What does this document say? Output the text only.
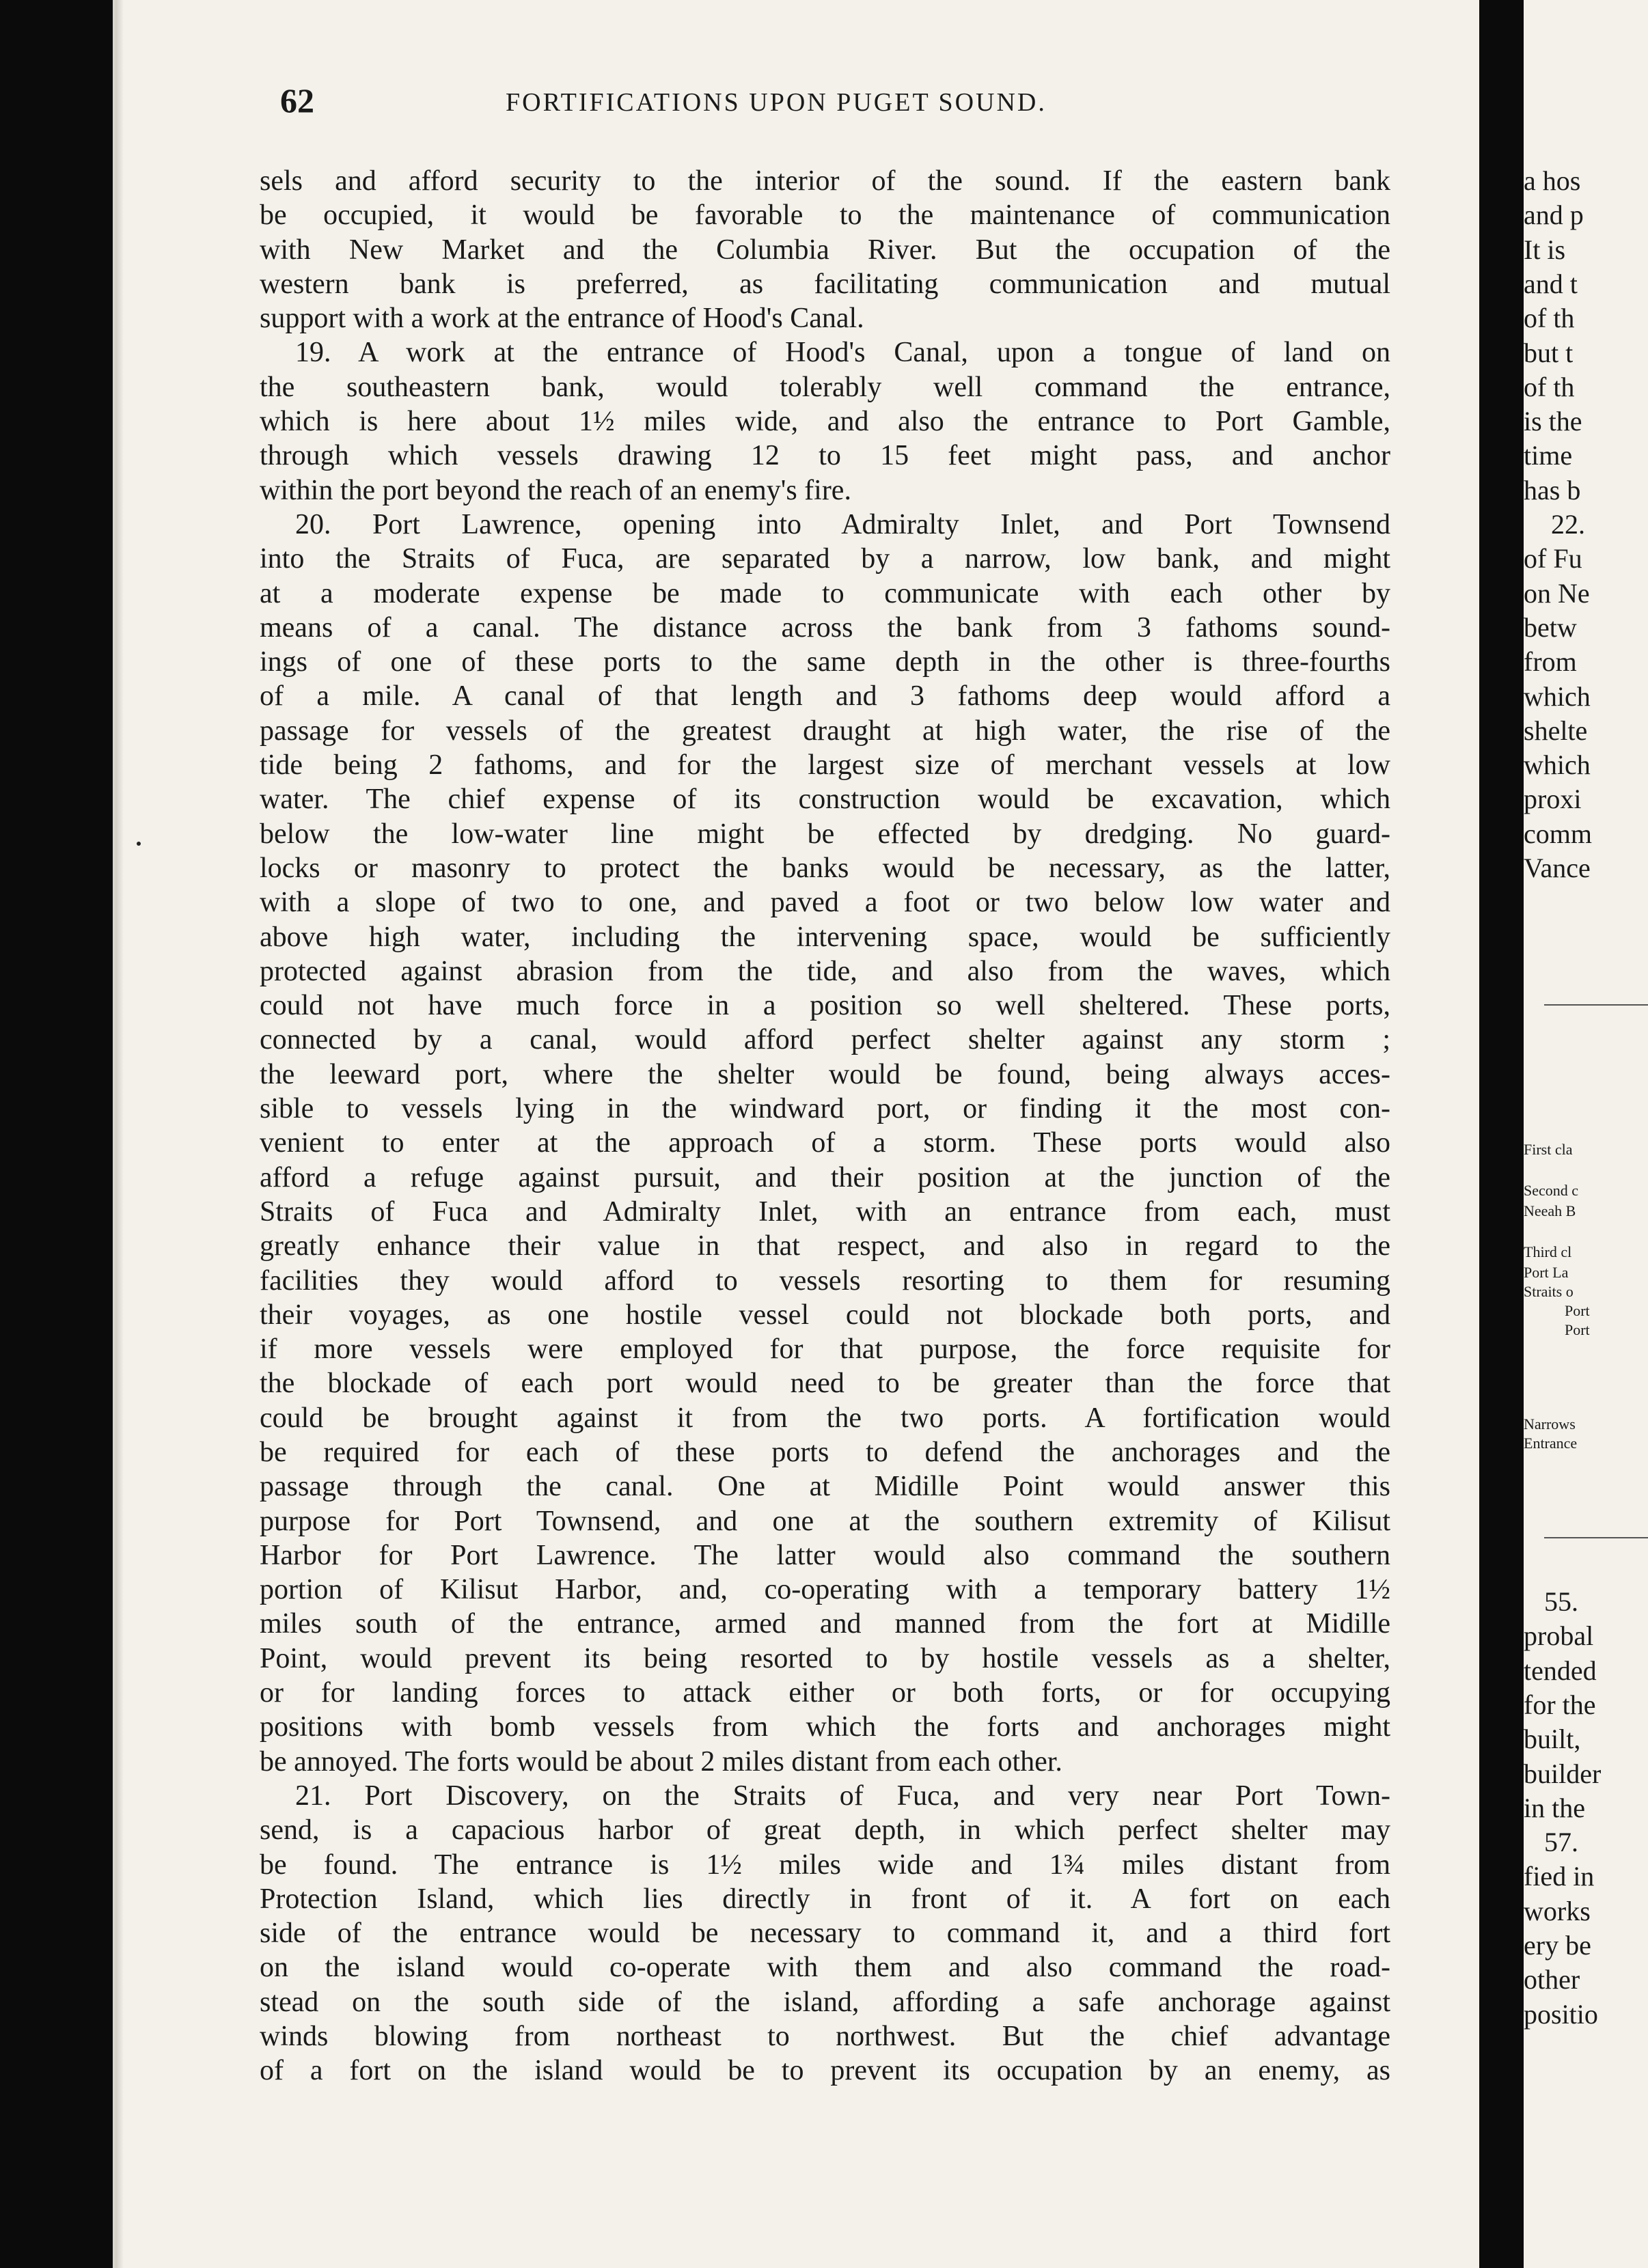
62	FORTIFICATIONS UPON PUGET SOUND.
sels and afford security to the interior of the sound. If the eastern bank
be occupied, it would be favorable to the maintenance of communication
with New Market and the Columbia River. But the occupation of the
western bank is preferred, as facilitating communication and mutual
support with a work at the entrance of Hood's Canal.
19. A work at the entrance of Hood's Canal, upon a tongue of land on
the southeastern bank, would tolerably well command the entrance,
which is here about 1½ miles wide, and also the entrance to Port Gamble,
through which vessels drawing 12 to 15 feet might pass, and anchor
within the port beyond the reach of an enemy's fire.
20. Port Lawrence, opening into Admiralty Inlet, and Port Townsend
into the Straits of Fuca, are separated by a narrow, low bank, and might
at a moderate expense be made to communicate with each other by
means of a canal. The distance across the bank from 3 fathoms sound-
ings of one of these ports to the same depth in the other is three-fourths
of a mile. A canal of that length and 3 fathoms deep would afford a
passage for vessels of the greatest draught at high water, the rise of the
tide being 2 fathoms, and for the largest size of merchant vessels at low
water. The chief expense of its construction would be excavation, which
below the low-water line might be effected by dredging. No guard-
locks or masonry to protect the banks would be necessary, as the latter,
with a slope of two to one, and paved a foot or two below low water and
above high water, including the intervening space, would be sufficiently
protected against abrasion from the tide, and also from the waves, which
could not have much force in a position so well sheltered. These ports,
connected by a canal, would afford perfect shelter against any storm ;
the leeward port, where the shelter would be found, being always acces-
sible to vessels lying in the windward port, or finding it the most con-
venient to enter at the approach of a storm. These ports would also
afford a refuge against pursuit, and their position at the junction of the
Straits of Fuca and Admiralty Inlet, with an entrance from each, must
greatly enhance their value in that respect, and also in regard to the
facilities they would afford to vessels resorting to them for resuming
their voyages, as one hostile vessel could not blockade both ports, and
if more vessels were employed for that purpose, the force requisite for
the blockade of each port would need to be greater than the force that
could be brought against it from the two ports. A fortification would
be required for each of these ports to defend the anchorages and the
passage through the canal. One at Midille Point would answer this
purpose for Port Townsend, and one at the southern extremity of Kilisut
Harbor for Port Lawrence. The latter would also command the southern
portion of Kilisut Harbor, and, co-operating with a temporary battery 1½
miles south of the entrance, armed and manned from the fort at Midille
Point, would prevent its being resorted to by hostile vessels as a shelter,
or for landing forces to attack either or both forts, or for occupying
positions with bomb vessels from which the forts and anchorages might
be annoyed. The forts would be about 2 miles distant from each other.
21. Port Discovery, on the Straits of Fuca, and very near Port Town-
send, is a capacious harbor of great depth, in which perfect shelter may
be found. The entrance is 1½ miles wide and 1¾ miles distant from
Protection Island, which lies directly in front of it. A fort on each
side of the entrance would be necessary to command it, and a third fort
on the island would co-operate with them and also command the road-
stead on the south side of the island, affording a safe anchorage against
winds blowing from northeast to northwest. But the chief advantage
of a fort on the island would be to prevent its occupation by an enemy, as
a hos
and p
It is
and t
of th
but t
of th
is the
time
has b
22.
of Fu
on Ne
betw
from
which
shelte
which
proxi
comm
Vance
First cla
Second c
Neeah B
Third cl
Port La
Straits o
Port
Port
Narrows
Entrance
55.
probal
tended
for the
built,
builder
in the
57.
fied in
works
ery be
other
positio
